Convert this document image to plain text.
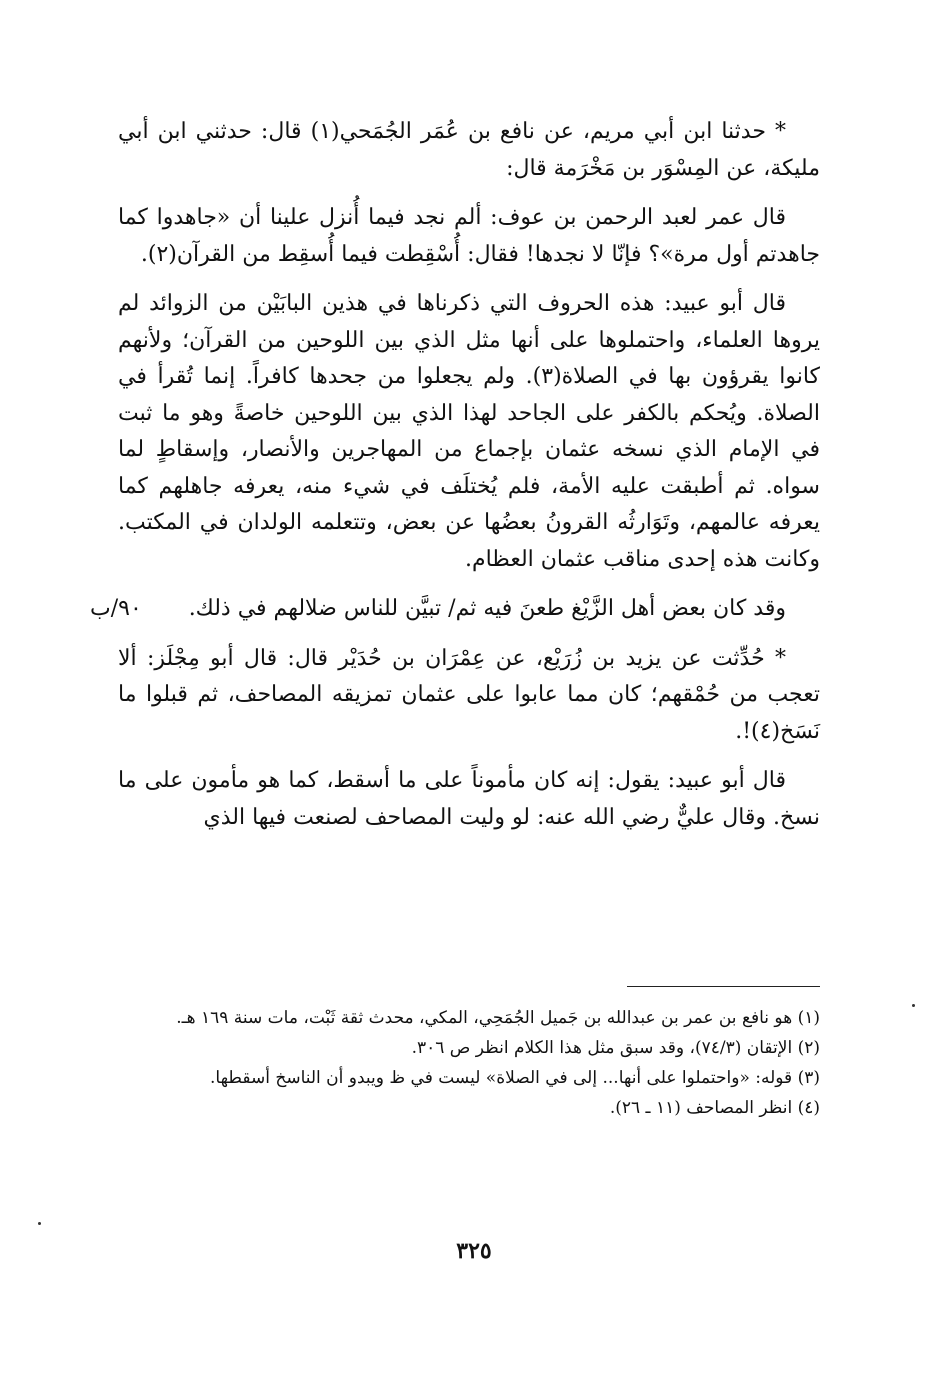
* حدثنا ابن أبي مريم، عن نافع بن عُمَر الجُمَحي(١) قال: حدثني ابن أبي مليكة، عن المِسْوَر بن مَخْرَمة قال:

قال عمر لعبد الرحمن بن عوف: ألم نجد فيما أُنزل علينا أن «جاهدوا كما جاهدتم أول مرة»؟ فإنّا لا نجدها! فقال: أُسْقِطت فيما أُسقِط من القرآن(٢).

قال أبو عبيد: هذه الحروف التي ذكرناها في هذين البابَيْن من الزوائد لم يروها العلماء، واحتملوها على أنها مثل الذي بين اللوحين من القرآن؛ ولأنهم كانوا يقرؤون بها في الصلاة(٣). ولم يجعلوا من جحدها كافراً. إنما تُقرأ في الصلاة. ويُحكم بالكفر على الجاحد لهذا الذي بين اللوحين خاصةً وهو ما ثبت في الإمام الذي نسخه عثمان بإجماع من المهاجرين والأنصار، وإسقاطٍ لما سواه. ثم أطبقت عليه الأمة، فلم يُختلَف في شيء منه، يعرفه جاهلهم كما يعرفه عالمهم، وتَوَارثُه القرونُ بعضُها عن بعض، وتتعلمه الولدان في المكتب. وكانت هذه إحدى مناقب عثمان العظام.

وقد كان بعض أهل الزَّيْغ طعنَ فيه ثم/ تبيَّن للناس ضلالهم في ذلك.
٩٠/ب

* حُدِّثت عن يزيد بن زُرَيْع، عن عِمْرَان بن حُدَيْر قال: قال أبو مِجْلَز: ألا تعجب من حُمْقهم؛ كان مما عابوا على عثمان تمزيقه المصاحف، ثم قبلوا ما نَسَخ(٤)!.

قال أبو عبيد: يقول: إنه كان مأموناً على ما أسقط، كما هو مأمون على ما نسخ. وقال عليٌّ رضي الله عنه: لو وليت المصاحف لصنعت فيها الذي

(١) هو نافع بن عمر بن عبدالله بن جَميل الجُمَحِي، المكي، محدث ثقة ثَبْت، مات سنة ١٦٩ هـ.

(٢) الإتقان (٧٤/٣)، وقد سبق مثل هذا الكلام انظر ص ٣٠٦.

(٣) قوله: «واحتملوا على أنها... إلى في الصلاة» ليست في ظ ويبدو أن الناسخ أسقطها.

(٤) انظر المصاحف (١١ ـ ٢٦).

٣٢٥
